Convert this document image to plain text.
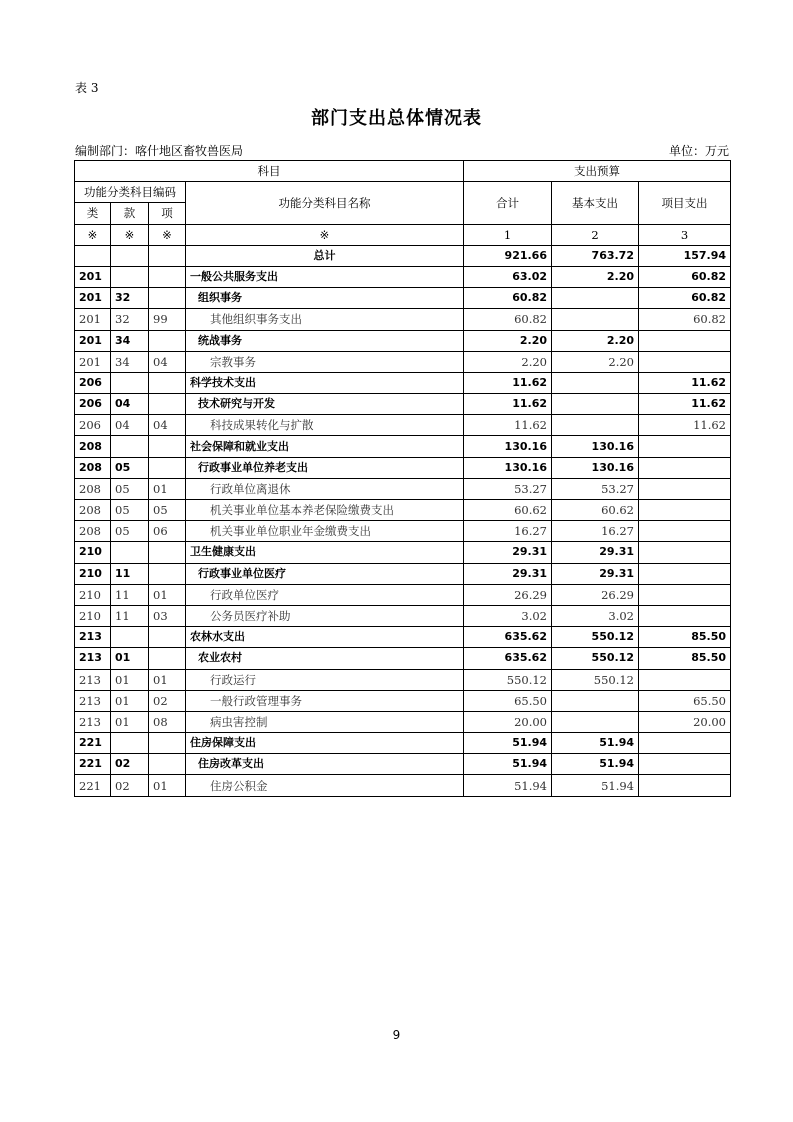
表 3
部门支出总体情况表
编制部门：喀什地区畜牧兽医局	单位：万元
科目				支出预算		
功能分类科目编码			功能分类科目名称	合计	基本支出	项目支出
类	款	项				
※	※	※	※	1	2	3
			总计	921.66	763.72	157.94
201			一般公共服务支出	63.02	2.20	60.82
201	32		组织事务	60.82		60.82
201	32	99	其他组织事务支出	60.82		60.82
201	34		统战事务	2.20	2.20	
201	34	04	宗教事务	2.20	2.20	
206			科学技术支出	11.62		11.62
206	04		技术研究与开发	11.62		11.62
206	04	04	科技成果转化与扩散	11.62		11.62
208			社会保障和就业支出	130.16	130.16	
208	05		行政事业单位养老支出	130.16	130.16	
208	05	01	行政单位离退休	53.27	53.27	
208	05	05	机关事业单位基本养老保险缴费支出	60.62	60.62	
208	05	06	机关事业单位职业年金缴费支出	16.27	16.27	
210			卫生健康支出	29.31	29.31	
210	11		行政事业单位医疗	29.31	29.31	
210	11	01	行政单位医疗	26.29	26.29	
210	11	03	公务员医疗补助	3.02	3.02	
213			农林水支出	635.62	550.12	85.50
213	01		农业农村	635.62	550.12	85.50
213	01	01	行政运行	550.12	550.12	
213	01	02	一般行政管理事务	65.50		65.50
213	01	08	病虫害控制	20.00		20.00
221			住房保障支出	51.94	51.94	
221	02		住房改革支出	51.94	51.94	
221	02	01	住房公积金	51.94	51.94	
9
